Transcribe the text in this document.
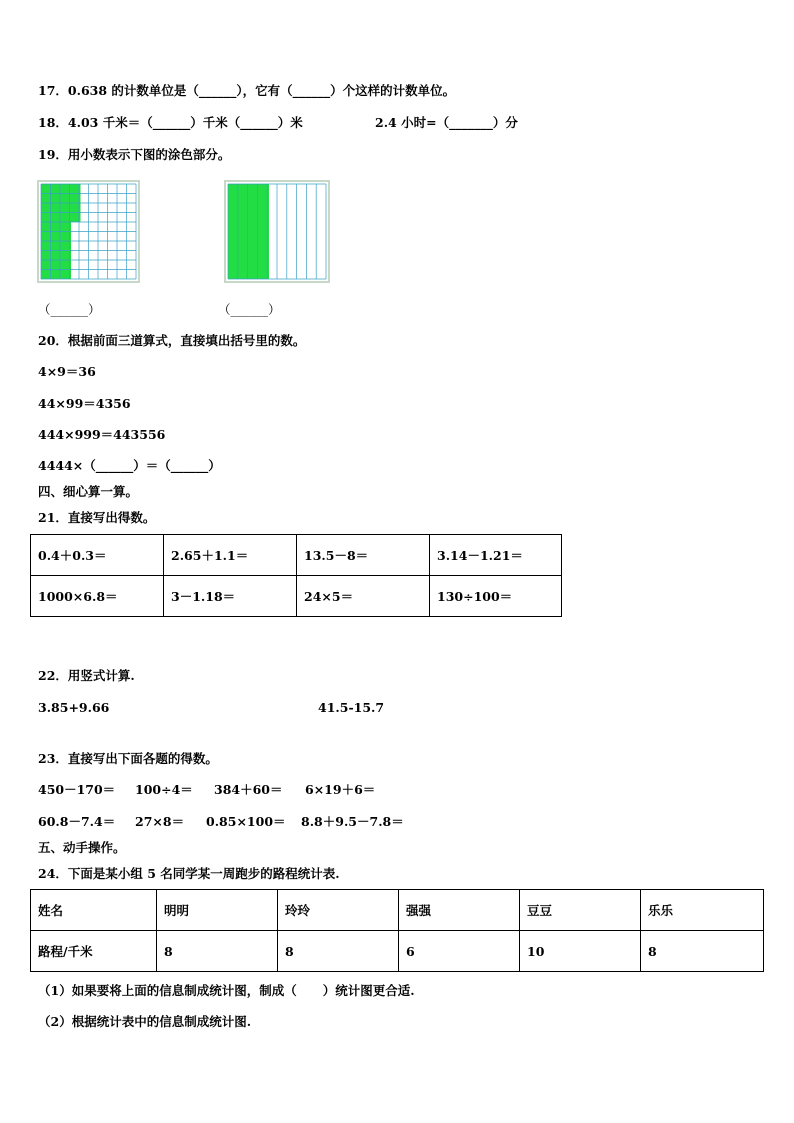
17．0.638 的计数单位是（______），它有（______）个这样的计数单位。
18．4.03 千米＝（______）千米（______）米	2.4 小时=（_______）分
19．用小数表示下图的涂色部分。
（______）	（______）
20．根据前面三道算式，直接填出括号里的数。
4×9＝36
44×99＝4356
444×999＝443556
4444×（______）＝（______）
四、细心算一算。
21．直接写出得数。
0.4＋0.3＝	2.65＋1.1＝	13.5－8＝	3.14－1.21＝
1000×6.8＝	3－1.18＝	24×5＝	130÷100＝
22．用竖式计算.
3.85+9.66	41.5-15.7
23．直接写出下面各题的得数。
450－170＝ 100÷4＝ 384＋60＝ 6×19＋6＝
60.8－7.4＝ 27×8＝ 0.85×100＝ 8.8＋9.5－7.8＝
五、动手操作。
24．下面是某小组 5 名同学某一周跑步的路程统计表.
姓名	明明	玲玲	强强	豆豆	乐乐
路程/千米	8	8	6	10	8
（1）如果要将上面的信息制成统计图，制成（      ）统计图更合适.
（2）根据统计表中的信息制成统计图.
